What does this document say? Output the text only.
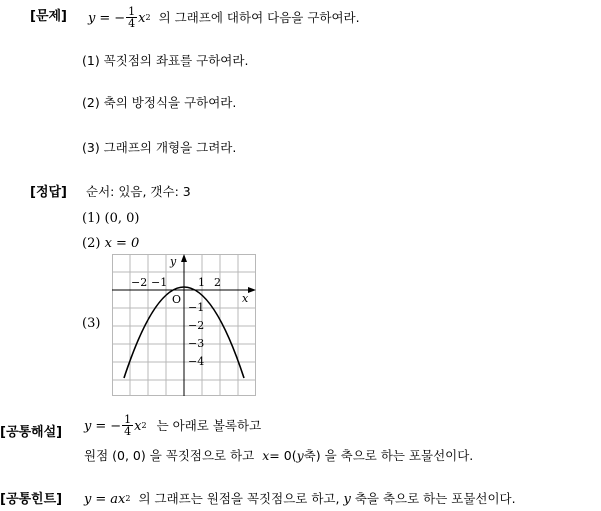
[문제] y = − $\frac{1}{4}$ x 2 의 그래프에 대하여 다음을 구하여라.
(1) 꼭짓점의 좌표를 구하여라.
(2) 축의 방정식을 구하여라.
(3) 그래프의 개형을 그려라.
[정답] 순서: 있음, 갯수: 3
(1) (0, 0)
(2) x = 0
(3)
y
x
O
−2 −1	1 2
−1
−2
−3
−4
[공통해설] y = − $\frac{1}{4}$ x 2 는 아래로 볼록하고
원점 (0, 0) 을 꼭짓점으로 하고 x= 0(y축) 을 축으로 하는 포물선이다.
[공통힌트] y = ax 2 의 그래프는 원점을 꼭짓점으로 하고, y 축을 축으로 하는 포물선이다.
